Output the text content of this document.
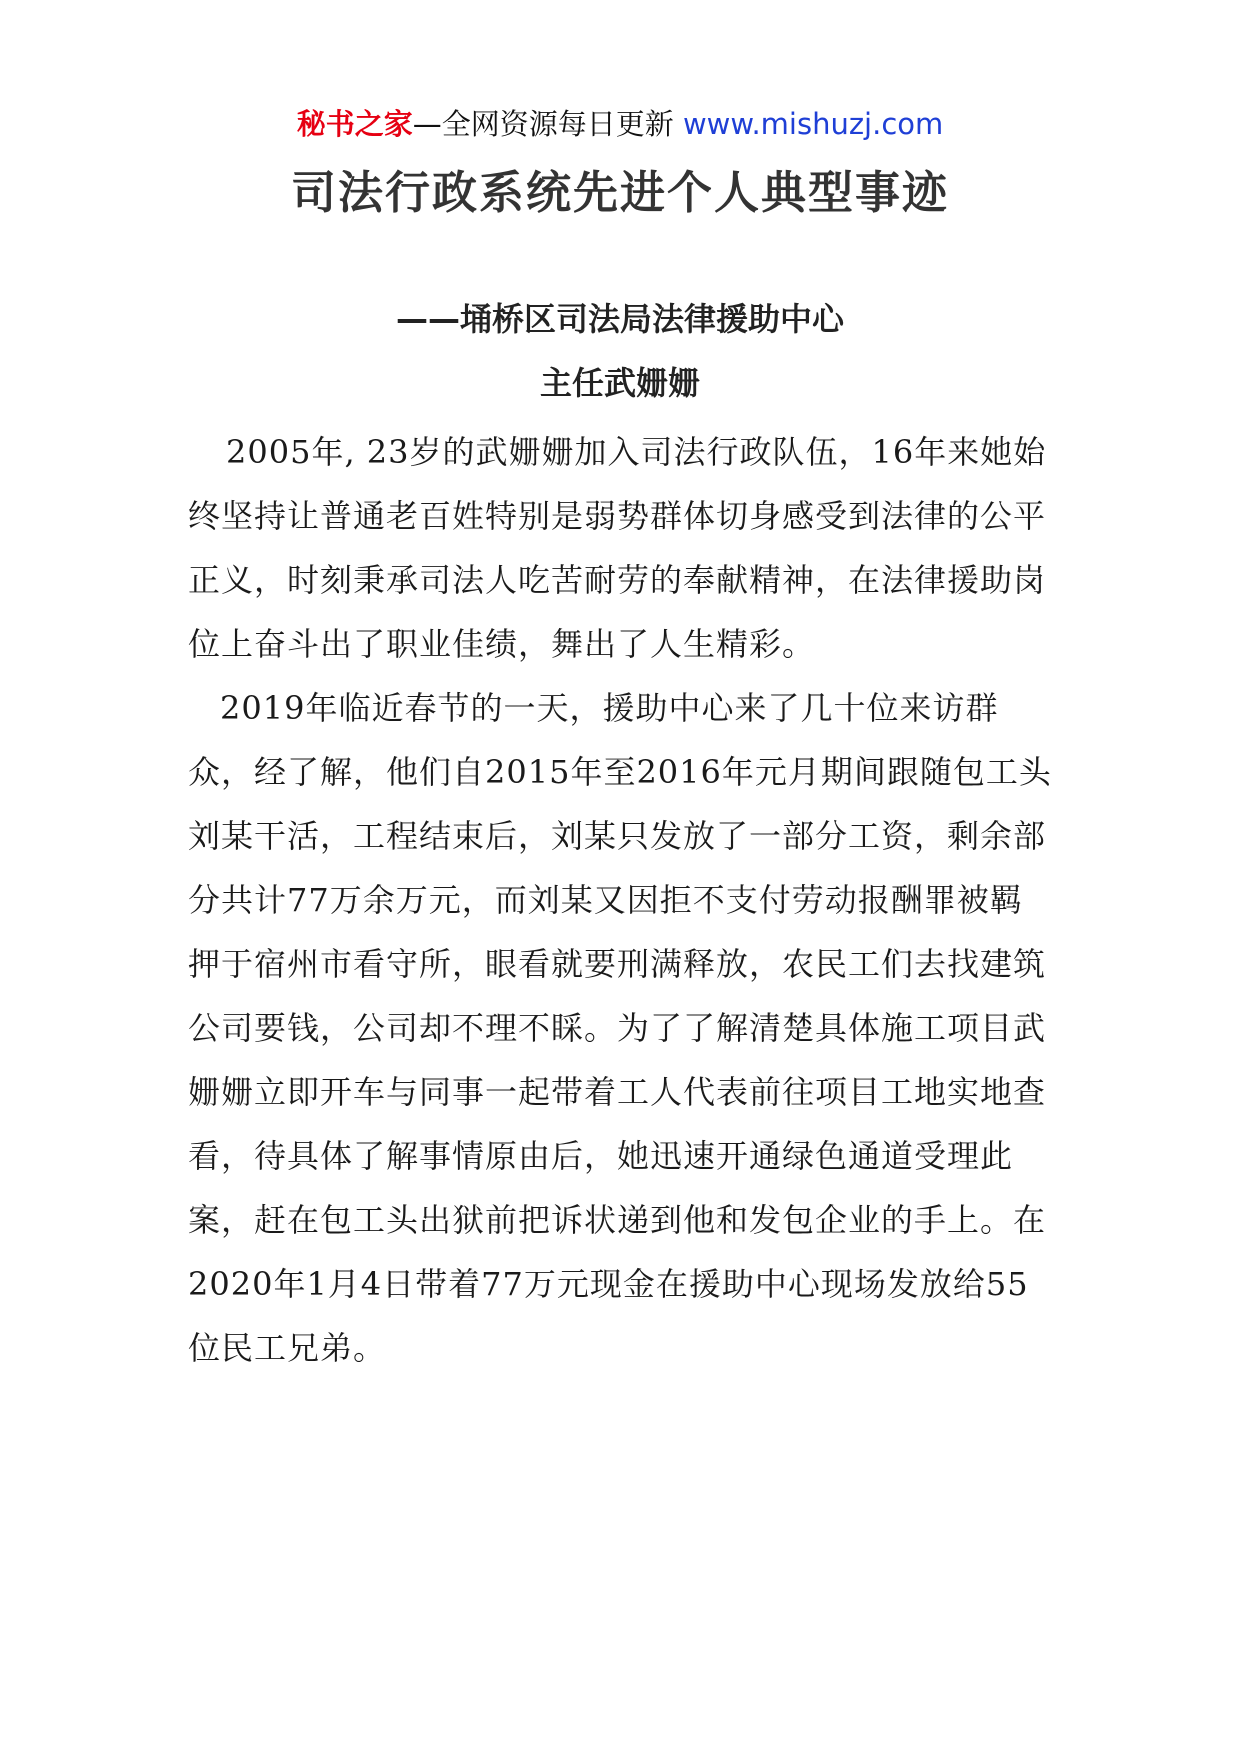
秘书之家—全网资源每日更新 www.mishuzj.com
司法行政系统先进个人典型事迹
——埇桥区司法局法律援助中心
主任武姗姗

2005年, 23岁的武姗姗加入司法行政队伍，16年来她始终坚持让普通老百姓特别是弱势群体切身感受到法律的公平正义，时刻秉承司法人吃苦耐劳的奉献精神，在法律援助岗位上奋斗出了职业佳绩，舞出了人生精彩。

2019年临近春节的一天，援助中心来了几十位来访群众，经了解，他们自2015年至2016年元月期间跟随包工头刘某干活，工程结束后，刘某只发放了一部分工资，剩余部分共计77万余万元，而刘某又因拒不支付劳动报酬罪被羁押于宿州市看守所，眼看就要刑满释放，农民工们去找建筑公司要钱，公司却不理不睬。为了了解清楚具体施工项目武姗姗立即开车与同事一起带着工人代表前往项目工地实地查看，待具体了解事情原由后，她迅速开通绿色通道受理此案，赶在包工头出狱前把诉状递到他和发包企业的手上。在2020年1月4日带着77万元现金在援助中心现场发放给55位民工兄弟。
